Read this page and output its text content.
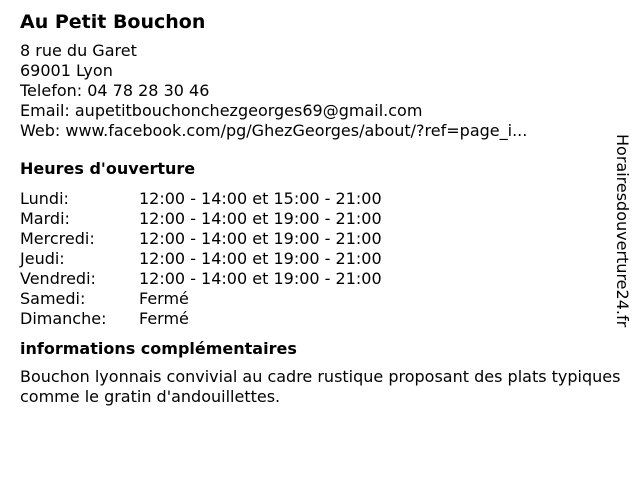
Au Petit Bouchon
8 rue du Garet
69001 Lyon
Telefon: 04 78 28 30 46
Email: aupetitbouchonchezgeorges69@gmail.com
Web: www.facebook.com/pg/GhezGeorges/about/?ref=page_i...
Heures d'ouverture
Lundi:	12:00 - 14:00 et 15:00 - 21:00
Mardi:	12:00 - 14:00 et 19:00 - 21:00
Mercredi:	12:00 - 14:00 et 19:00 - 21:00
Jeudi:	12:00 - 14:00 et 19:00 - 21:00
Vendredi:	12:00 - 14:00 et 19:00 - 21:00
Samedi:	Fermé
Dimanche:	Fermé
informations complémentaires
Bouchon lyonnais convivial au cadre rustique proposant des plats typiques comme le gratin d'andouillettes.
Horairesdouverture24.fr
